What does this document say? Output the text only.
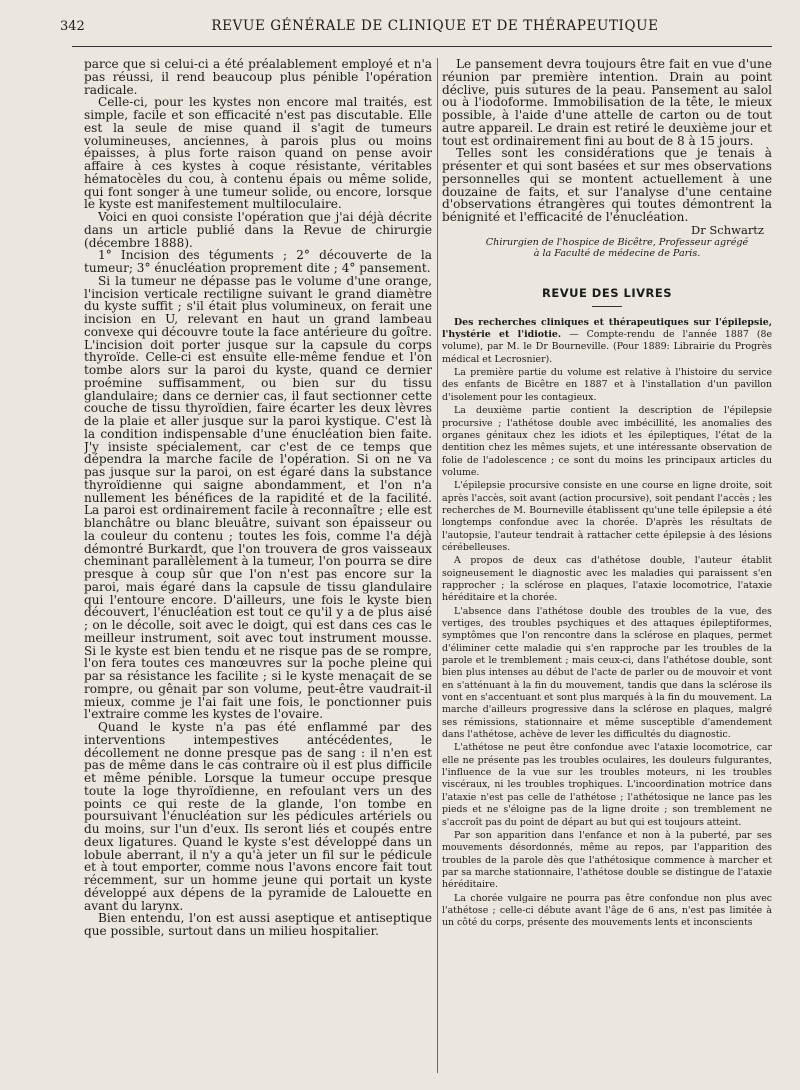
342	REVUE GÉNÉRALE DE CLINIQUE ET DE THÉRAPEUTIQUE

parce que si celui-ci a été préalablement employé et n'a pas réussi, il rend beaucoup plus pénible l'opération radicale.

Celle-ci, pour les kystes non encore mal traités, est simple, facile et son efficacité n'est pas discutable. Elle est la seule de mise quand il s'agit de tumeurs volumineuses, anciennes, à parois plus ou moins épaisses, à plus forte raison quand on pense avoir affaire à ces kystes à coque résistante, véritables hématocèles du cou, à contenu épais ou même solide, qui font songer à une tumeur solide, ou encore, lorsque le kyste est manifestement multiloculaire.

Voici en quoi consiste l'opération que j'ai déjà décrite dans un article publié dans la Revue de chirurgie (décembre 1888).

1° Incision des téguments ; 2° découverte de la tumeur; 3° énucléation proprement dite ; 4° pansement.

Si la tumeur ne dépasse pas le volume d'une orange, l'incision verticale rectiligne suivant le grand diamètre du kyste suffit ; s'il était plus volumineux, on ferait une incision en U, relevant en haut un grand lambeau convexe qui découvre toute la face antérieure du goître. L'incision doit porter jusque sur la capsule du corps thyroïde. Celle-ci est ensuite elle-même fendue et l'on tombe alors sur la paroi du kyste, quand ce dernier proémine suffisamment, ou bien sur du tissu glandulaire; dans ce dernier cas, il faut sectionner cette couche de tissu thyroïdien, faire écarter les deux lèvres de la plaie et aller jusque sur la paroi kystique. C'est là la condition indispensable d'une énucléation bien faite. J'y insiste spécialement, car c'est de ce temps que dépendra la marche facile de l'opération. Si on ne va pas jusque sur la paroi, on est égaré dans la substance thyroïdienne qui saigne abondamment, et l'on n'a nullement les bénéfices de la rapidité et de la facilité. La paroi est ordinairement facile à reconnaître ; elle est blanchâtre ou blanc bleuâtre, suivant son épaisseur ou la couleur du contenu ; toutes les fois, comme l'a déjà démontré Burkardt, que l'on trouvera de gros vaisseaux cheminant parallèlement à la tumeur, l'on pourra se dire presque à coup sûr que l'on n'est pas encore sur la paroi, mais égaré dans la capsule de tissu glandulaire qui l'entoure encore. D'ailleurs, une fois le kyste bien découvert, l'énucléation est tout ce qu'il y a de plus aisé ; on le décolle, soit avec le doigt, qui est dans ces cas le meilleur instrument, soit avec tout instrument mousse. Si le kyste est bien tendu et ne risque pas de se rompre, l'on fera toutes ces manœuvres sur la poche pleine qui par sa résistance les facilite ; si le kyste menaçait de se rompre, ou gênait par son volume, peut-être vaudrait-il mieux, comme je l'ai fait une fois, le ponctionner puis l'extraire comme les kystes de l'ovaire.

Quand le kyste n'a pas été enflammé par des interventions intempestives antécédentes, le décollement ne donne presque pas de sang : il n'en est pas de même dans le cas contraire où il est plus difficile et même pénible. Lorsque la tumeur occupe presque toute la loge thyroïdienne, en refoulant vers un des points ce qui reste de la glande, l'on tombe en poursuivant l'énucléation sur les pédicules artériels ou du moins, sur l'un d'eux. Ils seront liés et coupés entre deux ligatures. Quand le kyste s'est développé dans un lobule aberrant, il n'y a qu'à jeter un fil sur le pédicule et à tout emporter, comme nous l'avons encore fait tout récemment, sur un homme jeune qui portait un kyste développé aux dépens de la pyramide de Lalouette en avant du larynx.

Bien entendu, l'on est aussi aseptique et antiseptique que possible, surtout dans un milieu hospitalier.

Le pansement devra toujours être fait en vue d'une réunion par première intention. Drain au point déclive, puis sutures de la peau. Pansement au salol ou à l'iodoforme. Immobilisation de la tête, le mieux possible, à l'aide d'une attelle de carton ou de tout autre appareil. Le drain est retiré le deuxième jour et tout est ordinairement fini au bout de 8 à 15 jours.

Telles sont les considérations que je tenais à présenter et qui sont basées et sur mes observations personnelles qui se montent actuellement à une douzaine de faits, et sur l'analyse d'une centaine d'observations étrangères qui toutes démontrent la bénignité et l'efficacité de l'énucléation.

Dr Schwartz

Chirurgien de l'hospice de Bicêtre, Professeur agrégé
à la Faculté de médecine de Paris.

REVUE DES LIVRES

Des recherches cliniques et thérapeutiques sur l'épilepsie, l'hystérie et l'idiotie. — Compte-rendu de l'année 1887 (8e volume), par M. le Dr Bourneville. (Pour 1889: Librairie du Progrès médical et Lecrosnier).

La première partie du volume est relative à l'histoire du service des enfants de Bicêtre en 1887 et à l'installation d'un pavillon d'isolement pour les contagieux.

La deuxième partie contient la description de l'épilepsie procursive ; l'athétose double avec imbécillité, les anomalies des organes génitaux chez les idiots et les épileptiques, l'état de la dentition chez les mêmes sujets, et une intéressante observation de folie de l'adolescence ; ce sont du moins les principaux articles du volume.

L'épilepsie procursive consiste en une course en ligne droite, soit après l'accès, soit avant (action procursive), soit pendant l'accès ; les recherches de M. Bourneville établissent qu'une telle épilepsie a été longtemps confondue avec la chorée. D'après les résultats de l'autopsie, l'auteur tendrait à rattacher cette épilepsie à des lésions cérébelleuses.

A propos de deux cas d'athétose double, l'auteur établit soigneusement le diagnostic avec les maladies qui paraissent s'en rapprocher ; la sclérose en plaques, l'ataxie locomotrice, l'ataxie héréditaire et la chorée.

L'absence dans l'athétose double des troubles de la vue, des vertiges, des troubles psychiques et des attaques épileptiformes, symptômes que l'on rencontre dans la sclérose en plaques, permet d'éliminer cette maladie qui s'en rapproche par les troubles de la parole et le tremblement ; mais ceux-ci, dans l'athétose double, sont bien plus intenses au début de l'acte de parler ou de mouvoir et vont en s'atténuant à la fin du mouvement, tandis que dans la sclérose ils vont en s'accentuant et sont plus marqués à la fin du mouvement. La marche d'ailleurs progressive dans la sclérose en plaques, malgré ses rémissions, stationnaire et même susceptible d'amendement dans l'athétose, achève de lever les difficultés du diagnostic.

L'athétose ne peut être confondue avec l'ataxie locomotrice, car elle ne présente pas les troubles oculaires, les douleurs fulgurantes, l'influence de la vue sur les troubles moteurs, ni les troubles viscéraux, ni les troubles trophiques. L'incoordination motrice dans l'ataxie n'est pas celle de l'athétose ; l'athétosique ne lance pas les pieds et ne s'éloigne pas de la ligne droite ; son tremblement ne s'accroît pas du point de départ au but qui est toujours atteint.

Par son apparition dans l'enfance et non à la puberté, par ses mouvements désordonnés, même au repos, par l'apparition des troubles de la parole dès que l'athétosique commence à marcher et par sa marche stationnaire, l'athétose double se distingue de l'ataxie héréditaire.

La chorée vulgaire ne pourra pas être confondue non plus avec l'athétose ; celle-ci débute avant l'âge de 6 ans, n'est pas limitée à un côté du corps, présente des mouvements lents et inconscients
